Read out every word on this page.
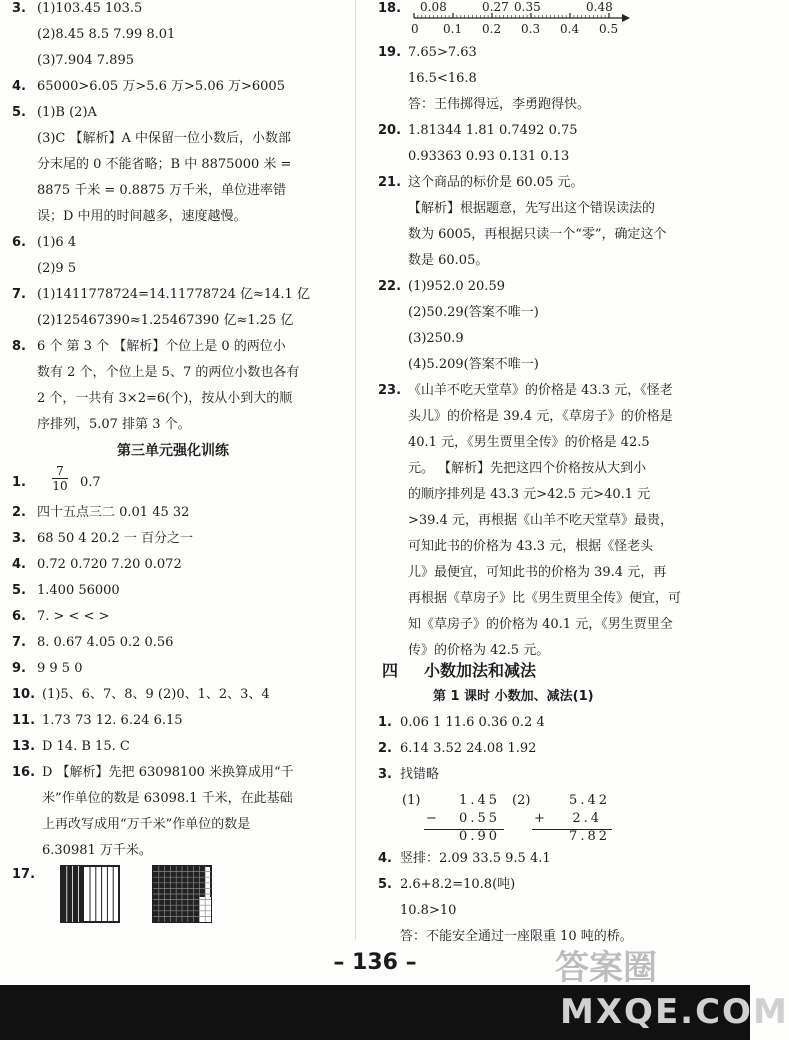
3. (1)103.45 103.5
(2)8.45 8.5 7.99 8.01
(3)7.904 7.895
4. 65000>6.05 万>5.6 万>5.06 万>6005
5. (1)B (2)A
(3)C 【解析】A 中保留一位小数后，小数部
分末尾的 0 不能省略；B 中 8875000 米 =
8875 千米 = 0.8875 万千米，单位进率错
误；D 中用的时间越多，速度越慢。
6. (1)6 4
(2)9 5
7. (1)1411778724=14.11778724 亿≈14.1 亿
(2)125467390≈1.25467390 亿≈1.25 亿
8. 6 个 第 3 个 【解析】个位上是 0 的两位小
数有 2 个，个位上是 5、7 的两位小数也各有
2 个，一共有 3×2=6(个)，按从小到大的顺
序排列，5.07 排第 3 个。
第三单元强化训练
1. $\frac{7}{10} 0.7$
2. 四十五点三二 0.01 45 32
3. 68 50 4 20.2 一 百分之一
4. 0.72 0.720 7.20 0.072
5. 1.400 56000
6. 7. > < < >
7. 8. 0.67 4.05 0.2 0.56
9. 9 9 5 0
10. (1)5、6、7、8、9 (2)0、1、2、3、4
11. 1.73 73 12. 6.24 6.15
13. D 14. B 15. C
16. D 【解析】先把 63098100 米换算成用“千
米”作单位的数是 63098.1 千米，在此基础
上再改写成用“万千米”作单位的数是
6.30981 万千米。
17.
18. 0.08	0.27 0.35	0.48
0 0.1 0.2 0.3 0.4 0.5
19. 7.65>7.63
16.5<16.8
答：王伟掷得远，李勇跑得快。
20. 1.81344 1.81 0.7492 0.75
0.93363 0.93 0.131 0.13
21. 这个商品的标价是 60.05 元。
【解析】根据题意，先写出这个错误读法的
数为 6005，再根据只读一个“零”，确定这个
数是 60.05。
22. (1)952.0 20.59
(2)50.29(答案不唯一)
(3)250.9
(4)5.209(答案不唯一)
23. 《山羊不吃天堂草》的价格是 43.3 元，《怪老
头儿》的价格是 39.4 元，《草房子》的价格是
40.1 元，《男生贾里全传》的价格是 42.5
元。 【解析】先把这四个价格按从大到小
的顺序排列是 43.3 元>42.5 元>40.1 元
>39.4 元，再根据《山羊不吃天堂草》最贵，
可知此书的价格为 43.3 元，根据《怪老头
儿》最便宜，可知此书的价格为 39.4 元，再
再根据《草房子》比《男生贾里全传》便宜，可
知《草房子》的价格为 40.1 元，《男生贾里全
传》的价格为 42.5 元。
四 小数加法和减法
第 1 课时 小数加、减法(1)
1. 0.06 1 11.6 0.36 0.2 4
2. 6.14 3.52 24.08 1.92
3. 找错略
(1)	1.45
−	0.55
0.90
(2)	5.42
+	2.4
7.82
4. 竖排：2.09 33.5 9.5 4.1
5. 2.6+8.2=10.8(吨)
10.8>10
答：不能安全通过一座限重 10 吨的桥。
– 136 –	答案圈
MXQE.COM
